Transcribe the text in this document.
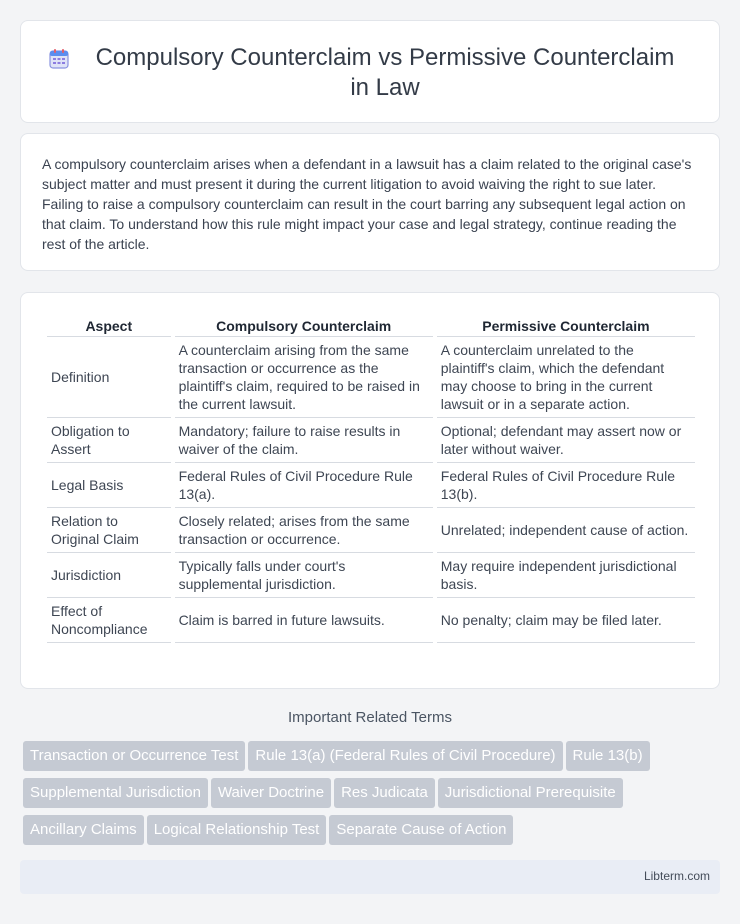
Compulsory Counterclaim vs Permissive Counterclaim in Law
A compulsory counterclaim arises when a defendant in a lawsuit has a claim related to the original case's subject matter and must present it during the current litigation to avoid waiving the right to sue later. Failing to raise a compulsory counterclaim can result in the court barring any subsequent legal action on that claim. To understand how this rule might impact your case and legal strategy, continue reading the rest of the article.
Aspect	Compulsory Counterclaim	Permissive Counterclaim
Definition	A counterclaim arising from the same transaction or occurrence as the plaintiff's claim, required to be raised in the current lawsuit.	A counterclaim unrelated to the plaintiff's claim, which the defendant may choose to bring in the current lawsuit or in a separate action.
Obligation to Assert	Mandatory; failure to raise results in waiver of the claim.	Optional; defendant may assert now or later without waiver.
Legal Basis	Federal Rules of Civil Procedure Rule 13(a).	Federal Rules of Civil Procedure Rule 13(b).
Relation to Original Claim	Closely related; arises from the same transaction or occurrence.	Unrelated; independent cause of action.
Jurisdiction	Typically falls under court's supplemental jurisdiction.	May require independent jurisdictional basis.
Effect of Noncompliance	Claim is barred in future lawsuits.	No penalty; claim may be filed later.
Important Related Terms
Transaction or Occurrence Test Rule 13(a) (Federal Rules of Civil Procedure) Rule 13(b)
Supplemental Jurisdiction Waiver Doctrine Res Judicata Jurisdictional Prerequisite
Ancillary Claims Logical Relationship Test Separate Cause of Action
Libterm.com
